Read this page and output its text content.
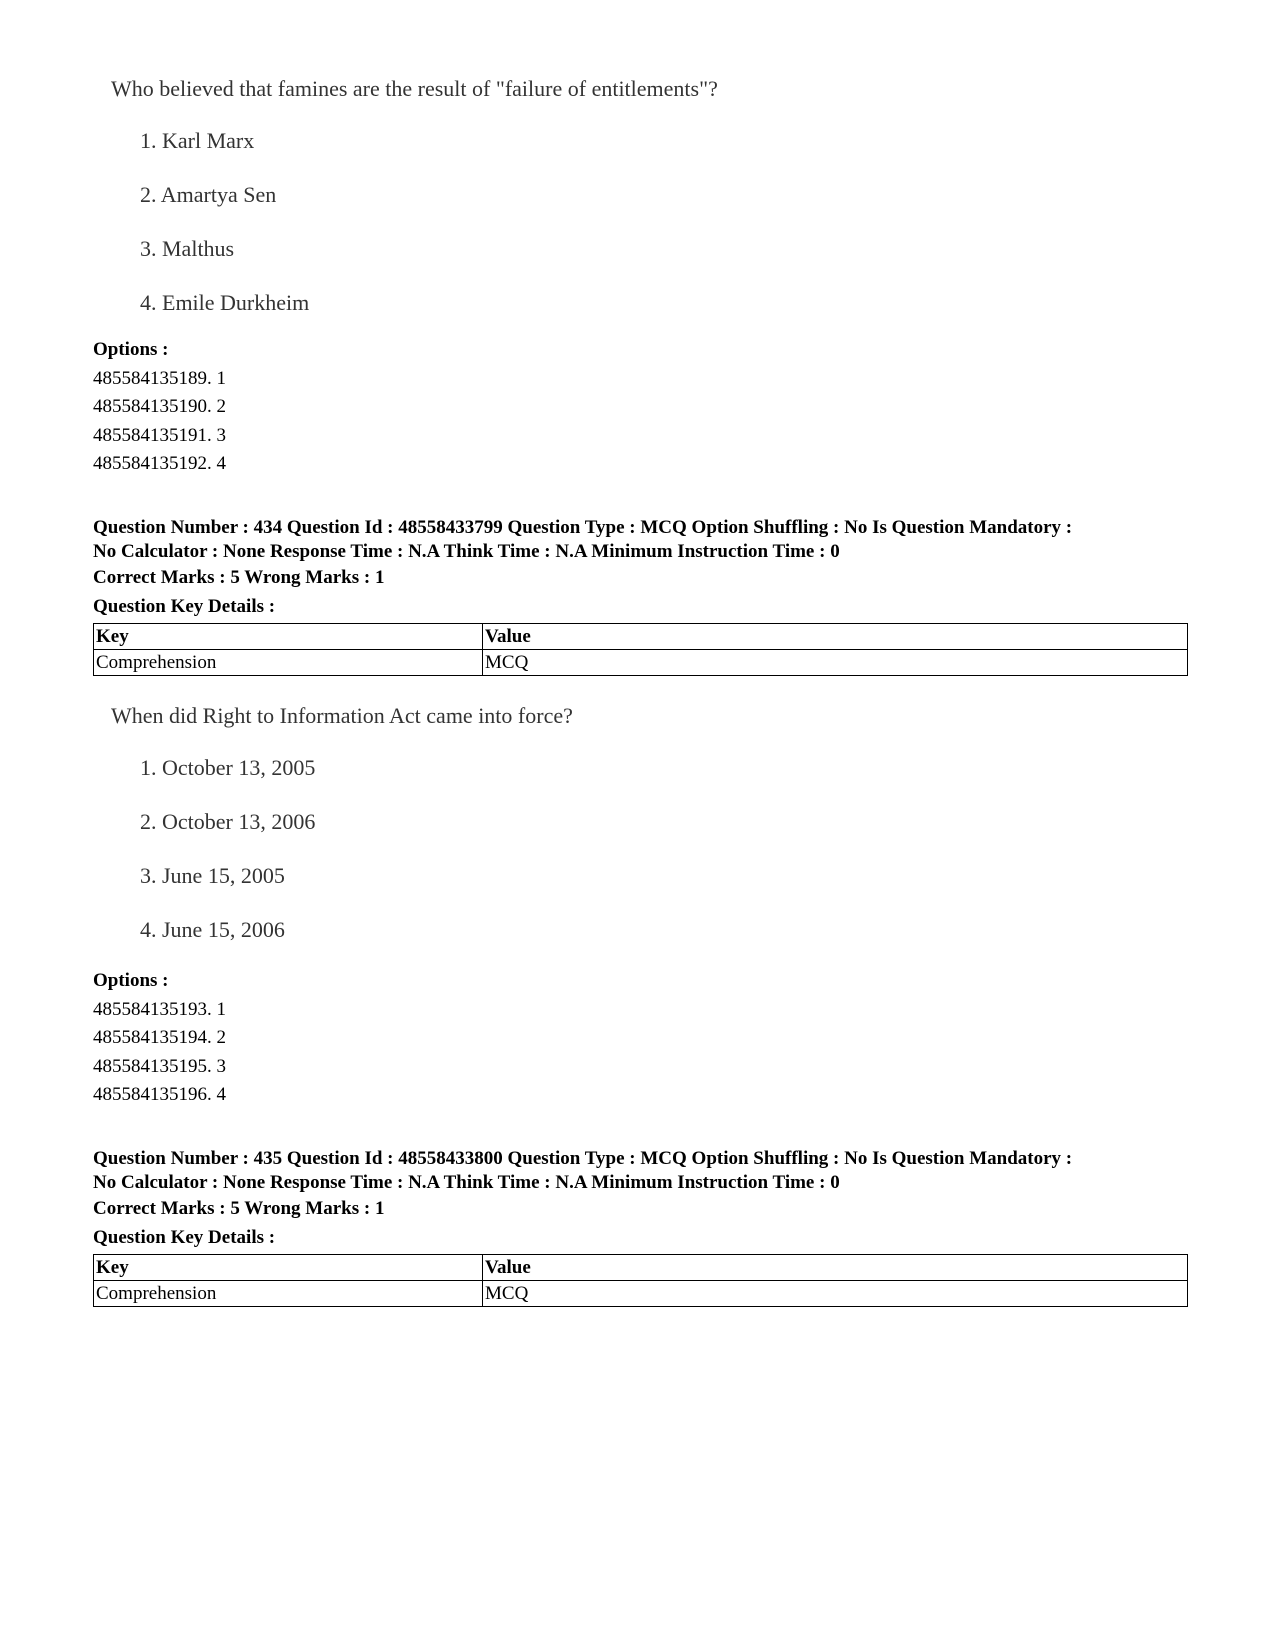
Who believed that famines are the result of "failure of entitlements"?

1. Karl Marx
2. Amartya Sen
3. Malthus
4. Emile Durkheim

Options :

485584135189. 1

485584135190. 2

485584135191. 3

485584135192. 4

Question Number : 434 Question Id : 48558433799 Question Type : MCQ Option Shuffling : No Is Question Mandatory :

No Calculator : None Response Time : N.A Think Time : N.A Minimum Instruction Time : 0

Correct Marks : 5 Wrong Marks : 1

Question Key Details :

Key	Value
Comprehension	MCQ

When did Right to Information Act came into force?

1. October 13, 2005
2. October 13, 2006
3. June 15, 2005
4. June 15, 2006

Options :

485584135193. 1

485584135194. 2

485584135195. 3

485584135196. 4

Question Number : 435 Question Id : 48558433800 Question Type : MCQ Option Shuffling : No Is Question Mandatory :

No Calculator : None Response Time : N.A Think Time : N.A Minimum Instruction Time : 0

Correct Marks : 5 Wrong Marks : 1

Question Key Details :

Key	Value
Comprehension	MCQ
